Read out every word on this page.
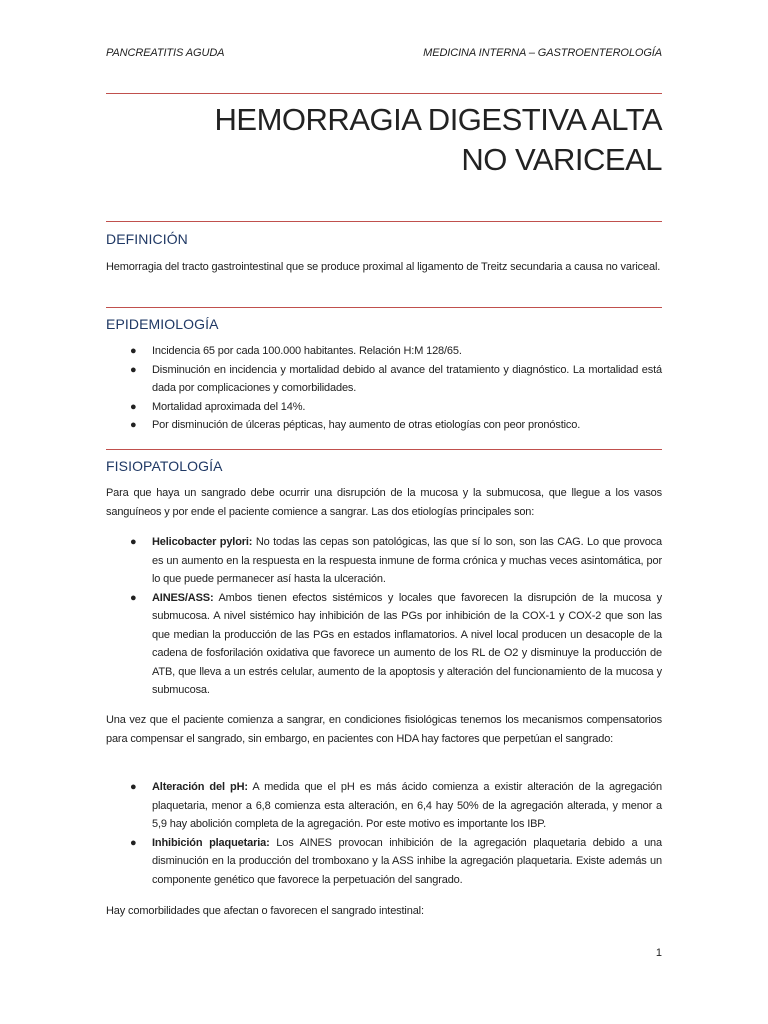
PANCREATITIS AGUDA	MEDICINA INTERNA – GASTROENTEROLOGÍA
HEMORRAGIA DIGESTIVA ALTA
NO VARICEAL
DEFINICIÓN
Hemorragia del tracto gastrointestinal que se produce proximal al ligamento de Treitz secundaria a causa no variceal.
EPIDEMIOLOGÍA
● Incidencia 65 por cada 100.000 habitantes. Relación H:M 128/65.
● Disminución en incidencia y mortalidad debido al avance del tratamiento y diagnóstico. La mortalidad está dada por complicaciones y comorbilidades.
● Mortalidad aproximada del 14%.
● Por disminución de úlceras pépticas, hay aumento de otras etiologías con peor pronóstico.
FISIOPATOLOGÍA
Para que haya un sangrado debe ocurrir una disrupción de la mucosa y la submucosa, que llegue a los vasos sanguíneos y por ende el paciente comience a sangrar. Las dos etiologías principales son:
● Helicobacter pylori: No todas las cepas son patológicas, las que sí lo son, son las CAG. Lo que provoca es un aumento en la respuesta en la respuesta inmune de forma crónica y muchas veces asintomática, por lo que puede permanecer así hasta la ulceración.
● AINES/ASS: Ambos tienen efectos sistémicos y locales que favorecen la disrupción de la mucosa y submucosa. A nivel sistémico hay inhibición de las PGs por inhibición de la COX-1 y COX-2 que son las que median la producción de las PGs en estados inflamatorios. A nivel local producen un desacople de la cadena de fosforilación oxidativa que favorece un aumento de los RL de O2 y disminuye la producción de ATB, que lleva a un estrés celular, aumento de la apoptosis y alteración del funcionamiento de la mucosa y submucosa.
Una vez que el paciente comienza a sangrar, en condiciones fisiológicas tenemos los mecanismos compensatorios para compensar el sangrado, sin embargo, en pacientes con HDA hay factores que perpetúan el sangrado:
● Alteración del pH: A medida que el pH es más ácido comienza a existir alteración de la agregación plaquetaria, menor a 6,8 comienza esta alteración, en 6,4 hay 50% de la agregación alterada, y menor a 5,9 hay abolición completa de la agregación. Por este motivo es importante los IBP.
● Inhibición plaquetaria: Los AINES provocan inhibición de la agregación plaquetaria debido a una disminución en la producción del tromboxano y la ASS inhibe la agregación plaquetaria. Existe además un componente genético que favorece la perpetuación del sangrado.
Hay comorbilidades que afectan o favorecen el sangrado intestinal:
1
